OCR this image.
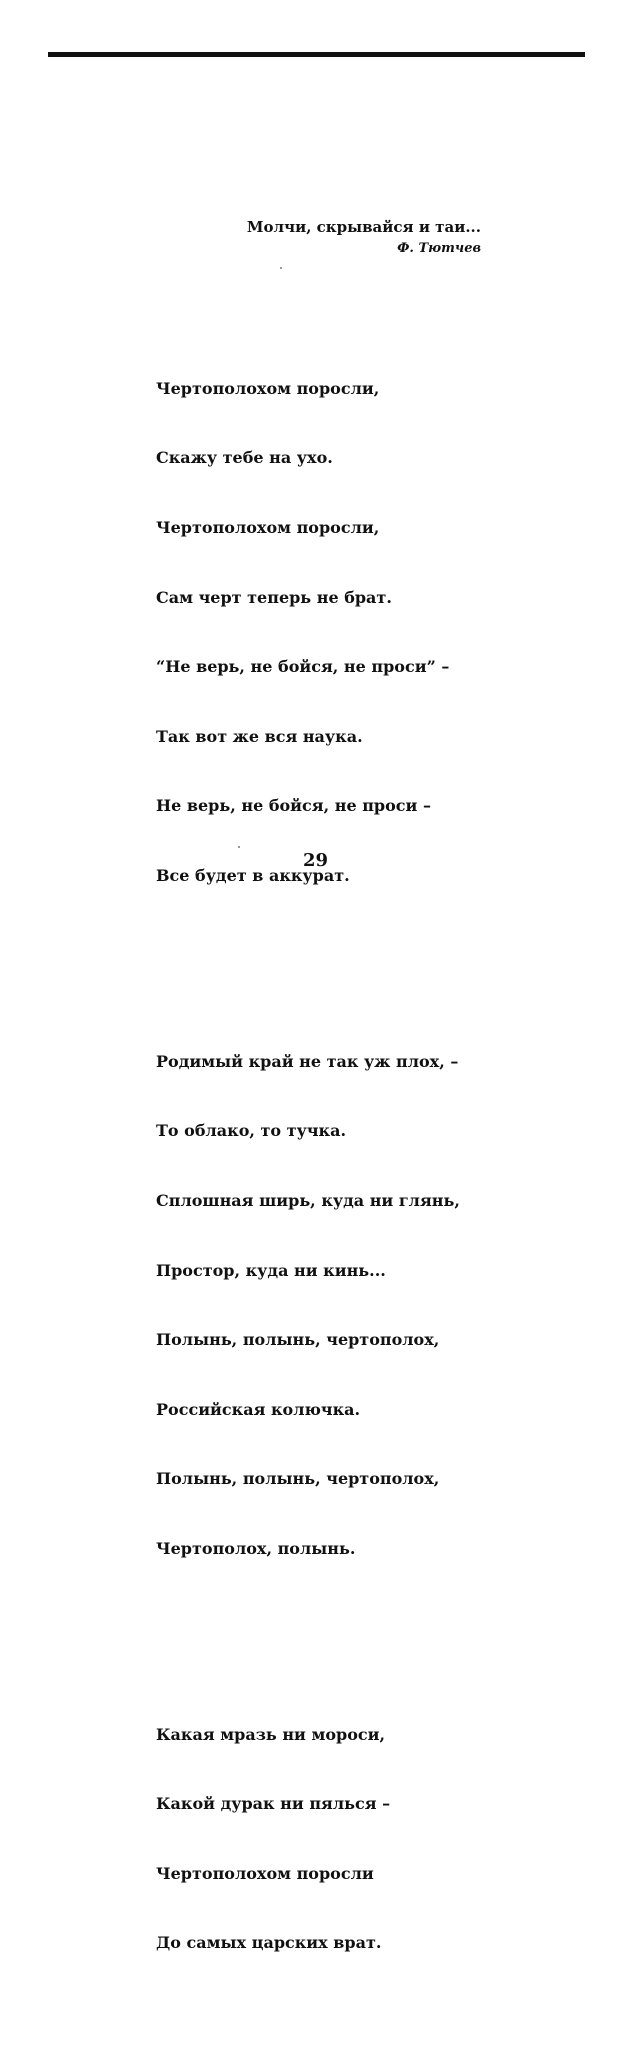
Молчи, скрывайся и таи...
Ф. Тютчев

Чертополохом поросли,

Скажу тебе на ухо.

Чертополохом поросли,

Сам черт теперь не брат.

“Не верь, не бойся, не проси” –

Так вот же вся наука.

Не верь, не бойся, не проси –

Все будет в аккурат.

Родимый край не так уж плох, –

То облако, то тучка.

Сплошная ширь, куда ни глянь,

Простор, куда ни кинь...

Полынь, полынь, чертополох,

Российская колючка.

Полынь, полынь, чертополох,

Чертополох, полынь.

Какая мразь ни мороси,

Какой дурак ни пялься –

Чертополохом поросли

До самых царских врат.

29
